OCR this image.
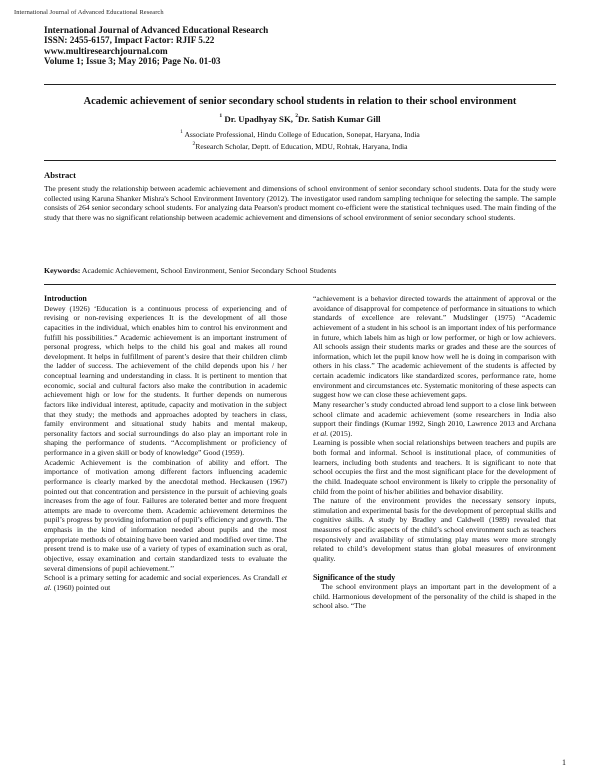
International Journal of Advanced Educational Research
International Journal of Advanced Educational Research
ISSN: 2455-6157, Impact Factor: RJIF 5.22
www.multiresearchjournal.com
Volume 1; Issue 3; May 2016; Page No. 01-03
Academic achievement of senior secondary school students in relation to their school environment
$^1$ Dr. Upadhyay SK, $^2$Dr. Satish Kumar Gill
$^1$ Associate Professional, Hindu College of Education, Sonepat, Haryana, India
$^2$Research Scholar, Deptt. of Education, MDU, Rohtak, Haryana, India
Abstract
The present study the relationship between academic achievement and dimensions of school environment of senior secondary school students. Data for the study were collected using Karuna Shanker Mishra's School Environment Inventory (2012). The investigator used random sampling technique for selecting the sample. The sample consists of 264 senior secondary school students. For analyzing data Pearson's product moment co-efficient were the statistical techniques used. The main finding of the study that there was no significant relationship between academic achievement and dimensions of school environment of senior secondary school students.
Keywords: Academic Achievement, School Environment, Senior Secondary School Students
Introduction

Dewey (1926) ‘Education is a continuous process of experiencing and of revising or non-revising experiences It is the development of all those capacities in the individual, which enables him to control his environment and fulfill his possibilities.” Academic achievement is an important instrument of personal progress, which helps to the child his goal and makes all round development. It helps in fulfillment of parent’s desire that their children climb the ladder of success. The achievement of the child depends upon his / her conceptual learning and understanding in class. It is pertinent to mention that economic, social and cultural factors also make the contribution in academic achievement high or low for the students. It further depends on numerous factors like individual interest, aptitude, capacity and motivation in the subject that they study; the methods and approaches adopted by teachers in class, family environment and situational study habits and mental makeup, personality factors and social surroundings do also play an important role in shaping the performance of students. “Accomplishment or proficiency of performance in a given skill or body of knowledge” Good (1959).

Academic Achievement is the combination of ability and effort. The importance of motivation among different factors influencing academic performance is clearly marked by the anecdotal method. Heckausen (1967) pointed out that concentration and persistence in the pursuit of achieving goals increases from the age of four. Failures are tolerated better and more frequent attempts are made to overcome them. Academic achievement determines the pupil’s progress by providing information of pupil’s efficiency and growth. The emphasis in the kind of information needed about pupils and the most appropriate methods of obtaining have been varied and modified over time. The present trend is to make use of a variety of types of examination such as oral, objective, essay examination and certain standardized tests to evaluate the several dimensions of pupil achievement.’’

School is a primary setting for academic and social experiences. As Crandall et al. (1960) pointed out

“achievement is a behavior directed towards the attainment of approval or the avoidance of disapproval for competence of performance in situations to which standards of excellence are relevant.” Mudslinger (1975) “Academic achievement of a student in his school is an important index of his performance in future, which labels him as high or low performer, or high or low achievers. All schools assign their students marks or grades and these are the sources of information, which let the pupil know how well he is doing in comparison with others in his class.” The academic achievement of the students is affected by certain academic indicators like standardized scores, performance rate, home environment and circumstances etc. Systematic monitoring of these aspects can suggest how we can close these achievement gaps.

Many researcher’s study conducted abroad lend support to a close link between school climate and academic achievement (some researchers in India also support their findings (Kumar 1992, Singh 2010, Lawrence 2013 and Archana et al. (2015).

Learning is possible when social relationships between teachers and pupils are both formal and informal. School is institutional place, of communities of learners, including both students and teachers. It is significant to note that school occupies the first and the most significant place for the development of the child. Inadequate school environment is likely to cripple the personality of child from the point of his/her abilities and behavior disability.

The nature of the environment provides the necessary sensory inputs, stimulation and experimental basis for the development of perceptual skills and cognitive skills. A study by Bradley and Caldwell (1989) revealed that measures of specific aspects of the child’s school environment such as teachers responsively and availability of stimulating play mates were more strongly related to child’s development status than global measures of environment quality.

Significance of the study

The school environment plays an important part in the development of a child. Harmonious development of the personality of the child is shaped in the school also. “The

1
